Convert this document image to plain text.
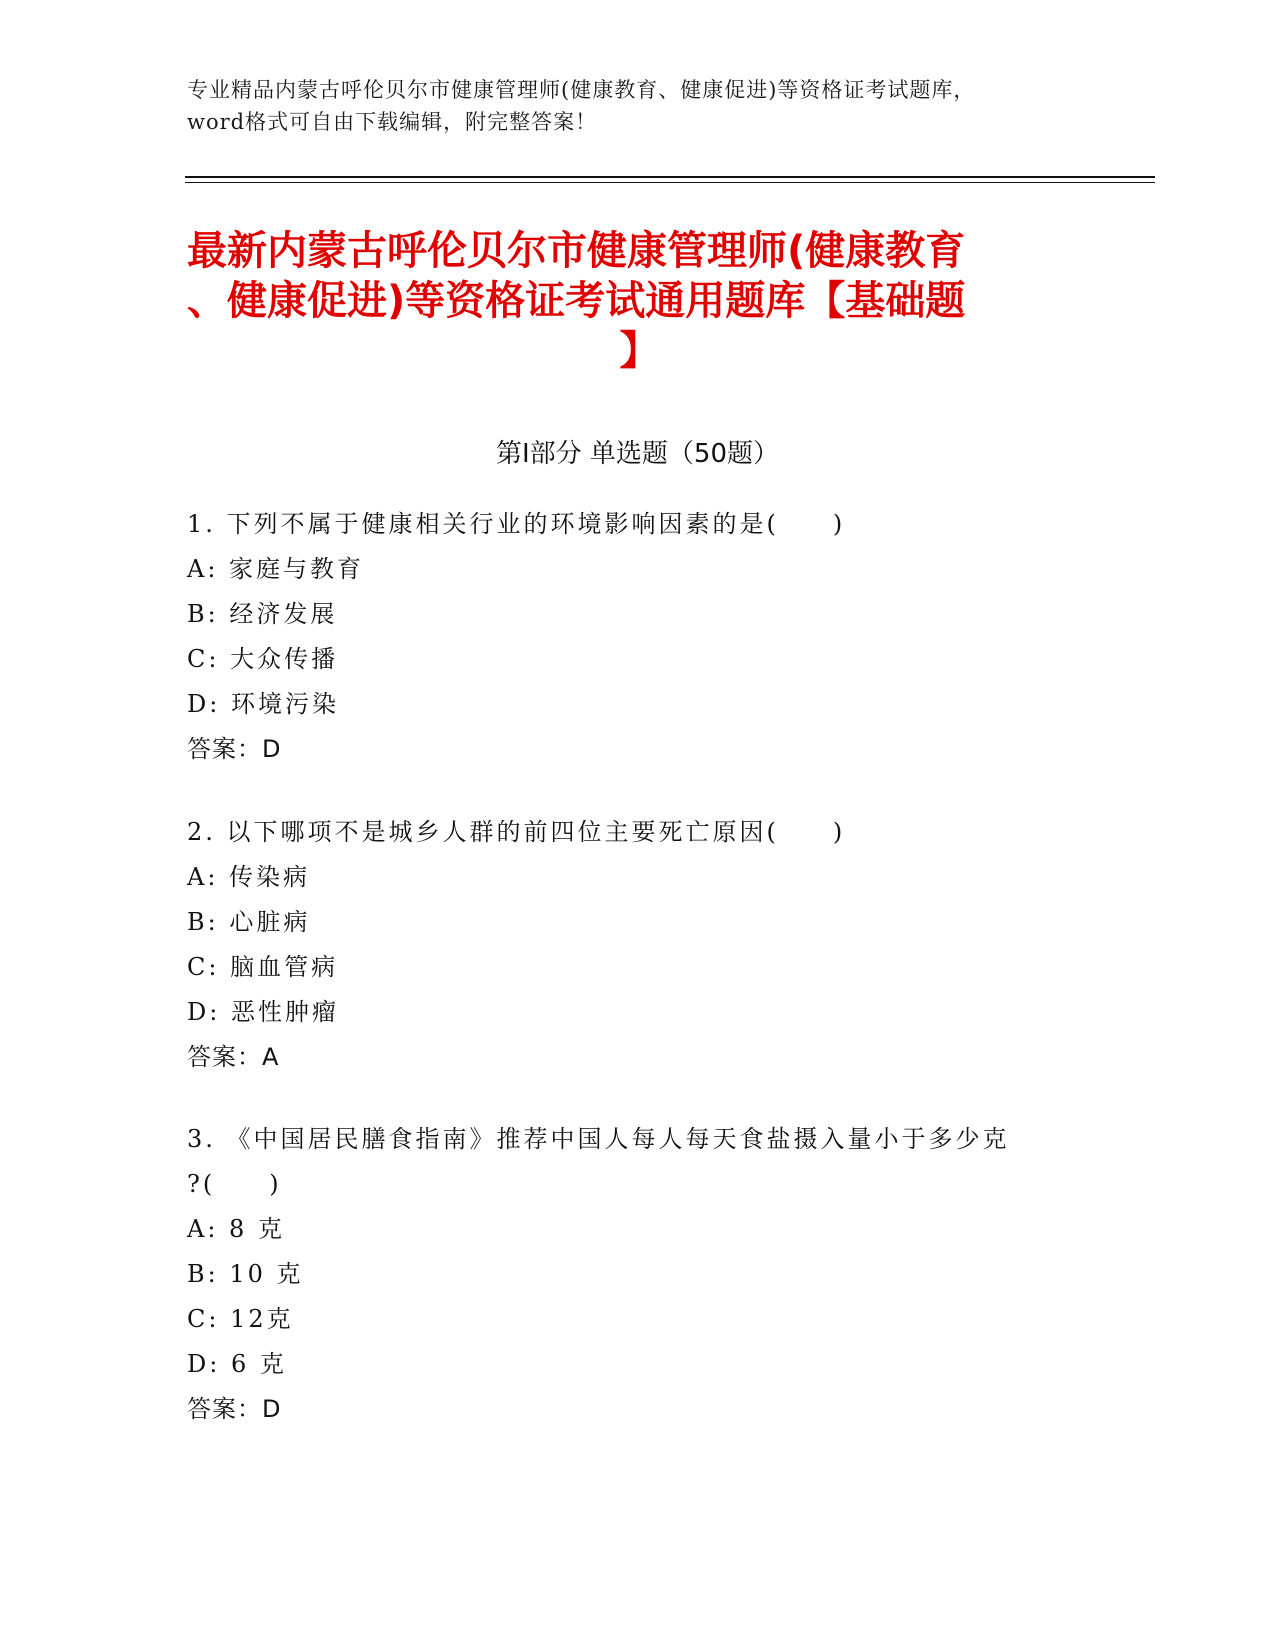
专业精品内蒙古呼伦贝尔市健康管理师(健康教育、健康促进)等资格证考试题库，
word格式可自由下载编辑，附完整答案！
最新内蒙古呼伦贝尔市健康管理师(健康教育
、健康促进)等资格证考试通用题库【基础题
】
第Ⅰ部分 单选题（50题）
1. 下列不属于健康相关行业的环境影响因素的是(　　)
A: 家庭与教育
B: 经济发展
C: 大众传播
D: 环境污染
答案：D
2. 以下哪项不是城乡人群的前四位主要死亡原因(　　)
A: 传染病
B: 心脏病
C: 脑血管病
D: 恶性肿瘤
答案：A
3. 《中国居民膳食指南》推荐中国人每人每天食盐摄入量小于多少克
?(　　)
A: 8 克
B: 10 克
C: 12克
D: 6 克
答案：D
